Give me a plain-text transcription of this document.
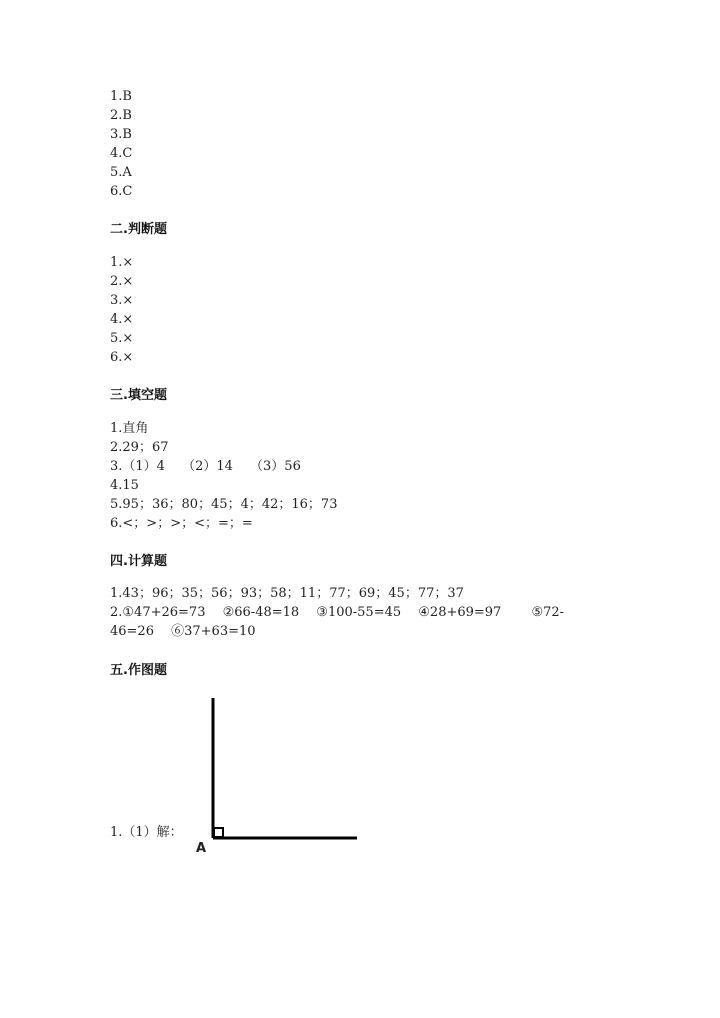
1.B
2.B
3.B
4.C
5.A
6.C
二.判断题
1.×
2.×
3.×
4.×
5.×
6.×
三.填空题
1.直角
2.29；67
3.（1）4　 （2）14　 （3）56
4.15
5.95；36；80；45；4；42；16；73
6.<；>；>；<；=；=
四.计算题
1.43；96；35；56；93；58；11；77；69；45；77；37
2.①47+26=73　 ②66-48=18　 ③100-55=45　 ④28+69=97　　 ⑤72-
46=26　 ⑥37+63=10
五.作图题
1.（1）解：
A
